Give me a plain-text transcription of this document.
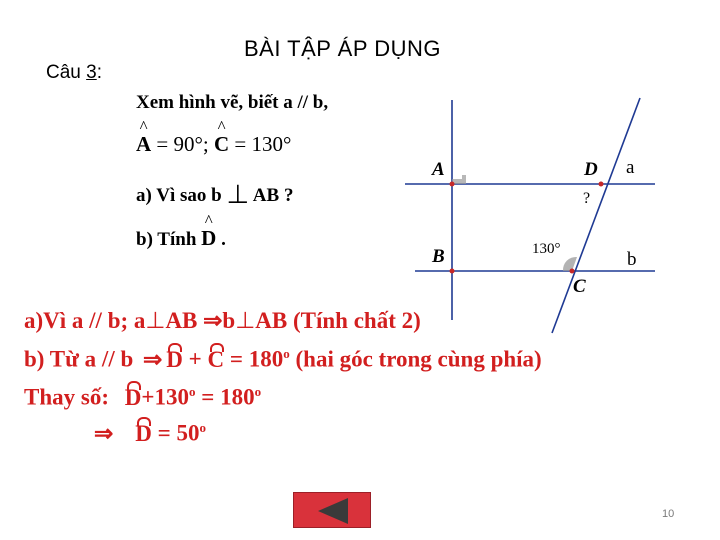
Câu 3:
BÀI TẬP ÁP DỤNG
Xem hình vẽ, biết a // b,
^ A = 90°; ^ C = 130°
a) Vì sao b ⊥ AB ?
b) Tính ^ D .
A	D
B
C
a
b
130°
?
a)Vì a // b; a⊥AB ⇒b⊥AB (Tính chất 2)
b) Từ a // b ⇒ $D + C = 180^o$ (hai góc trong cùng phía)
Thay số: $D+130^o = 180^o$
⇒ $D = 50^o$
10
